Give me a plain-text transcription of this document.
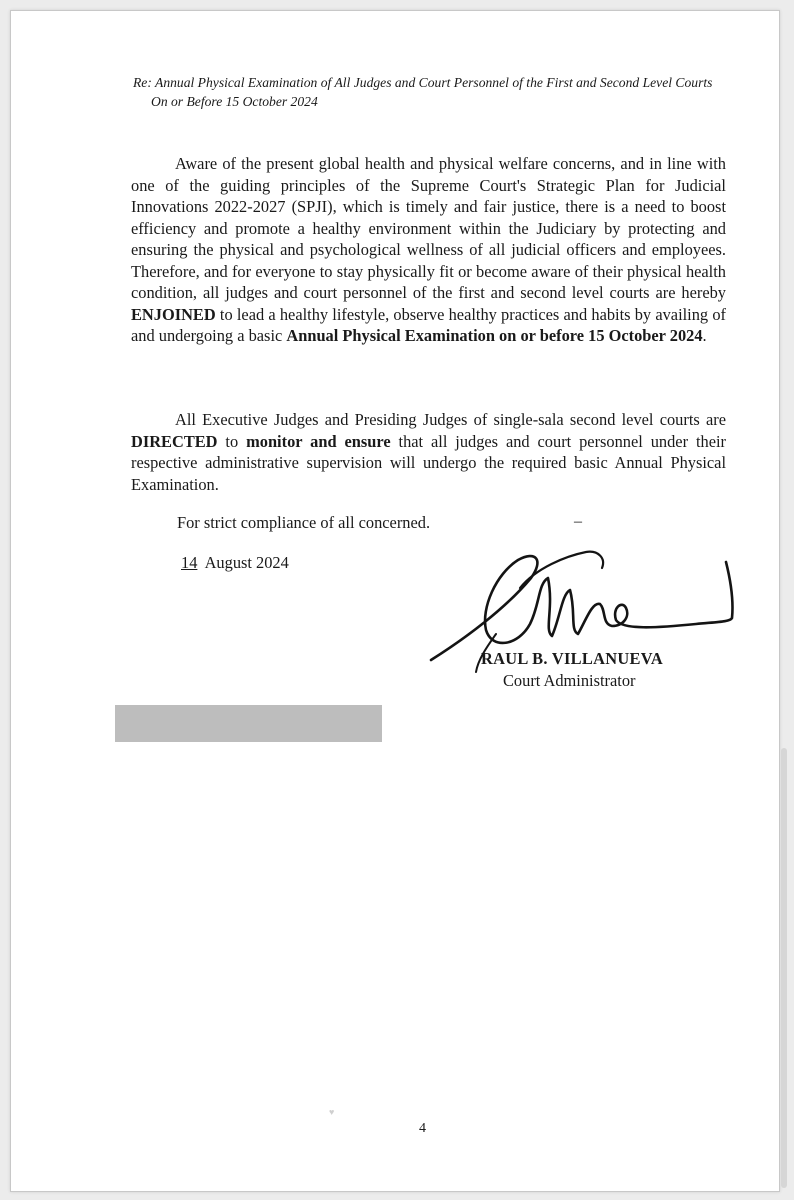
Re: Annual Physical Examination of All Judges and Court Personnel of the First and Second Level Courts
On or Before 15 October 2024

Aware of the present global health and physical welfare concerns, and in line with one of the guiding principles of the Supreme Court's Strategic Plan for Judicial Innovations 2022-2027 (SPJI), which is timely and fair justice, there is a need to boost efficiency and promote a healthy environment within the Judiciary by protecting and ensuring the physical and psychological wellness of all judicial officers and employees. Therefore, and for everyone to stay physically fit or become aware of their physical health condition, all judges and court personnel of the first and second level courts are hereby ENJOINED to lead a healthy lifestyle, observe healthy practices and habits by availing of and undergoing a basic Annual Physical Examination on or before 15 October 2024.

All Executive Judges and Presiding Judges of single-sala second level courts are DIRECTED to monitor and ensure that all judges and court personnel under their respective administrative supervision will undergo the required basic Annual Physical Examination.

For strict compliance of all concerned.	‒
14 August 2024
RAUL B. VILLANUEVA
Court Administrator
♥
4
